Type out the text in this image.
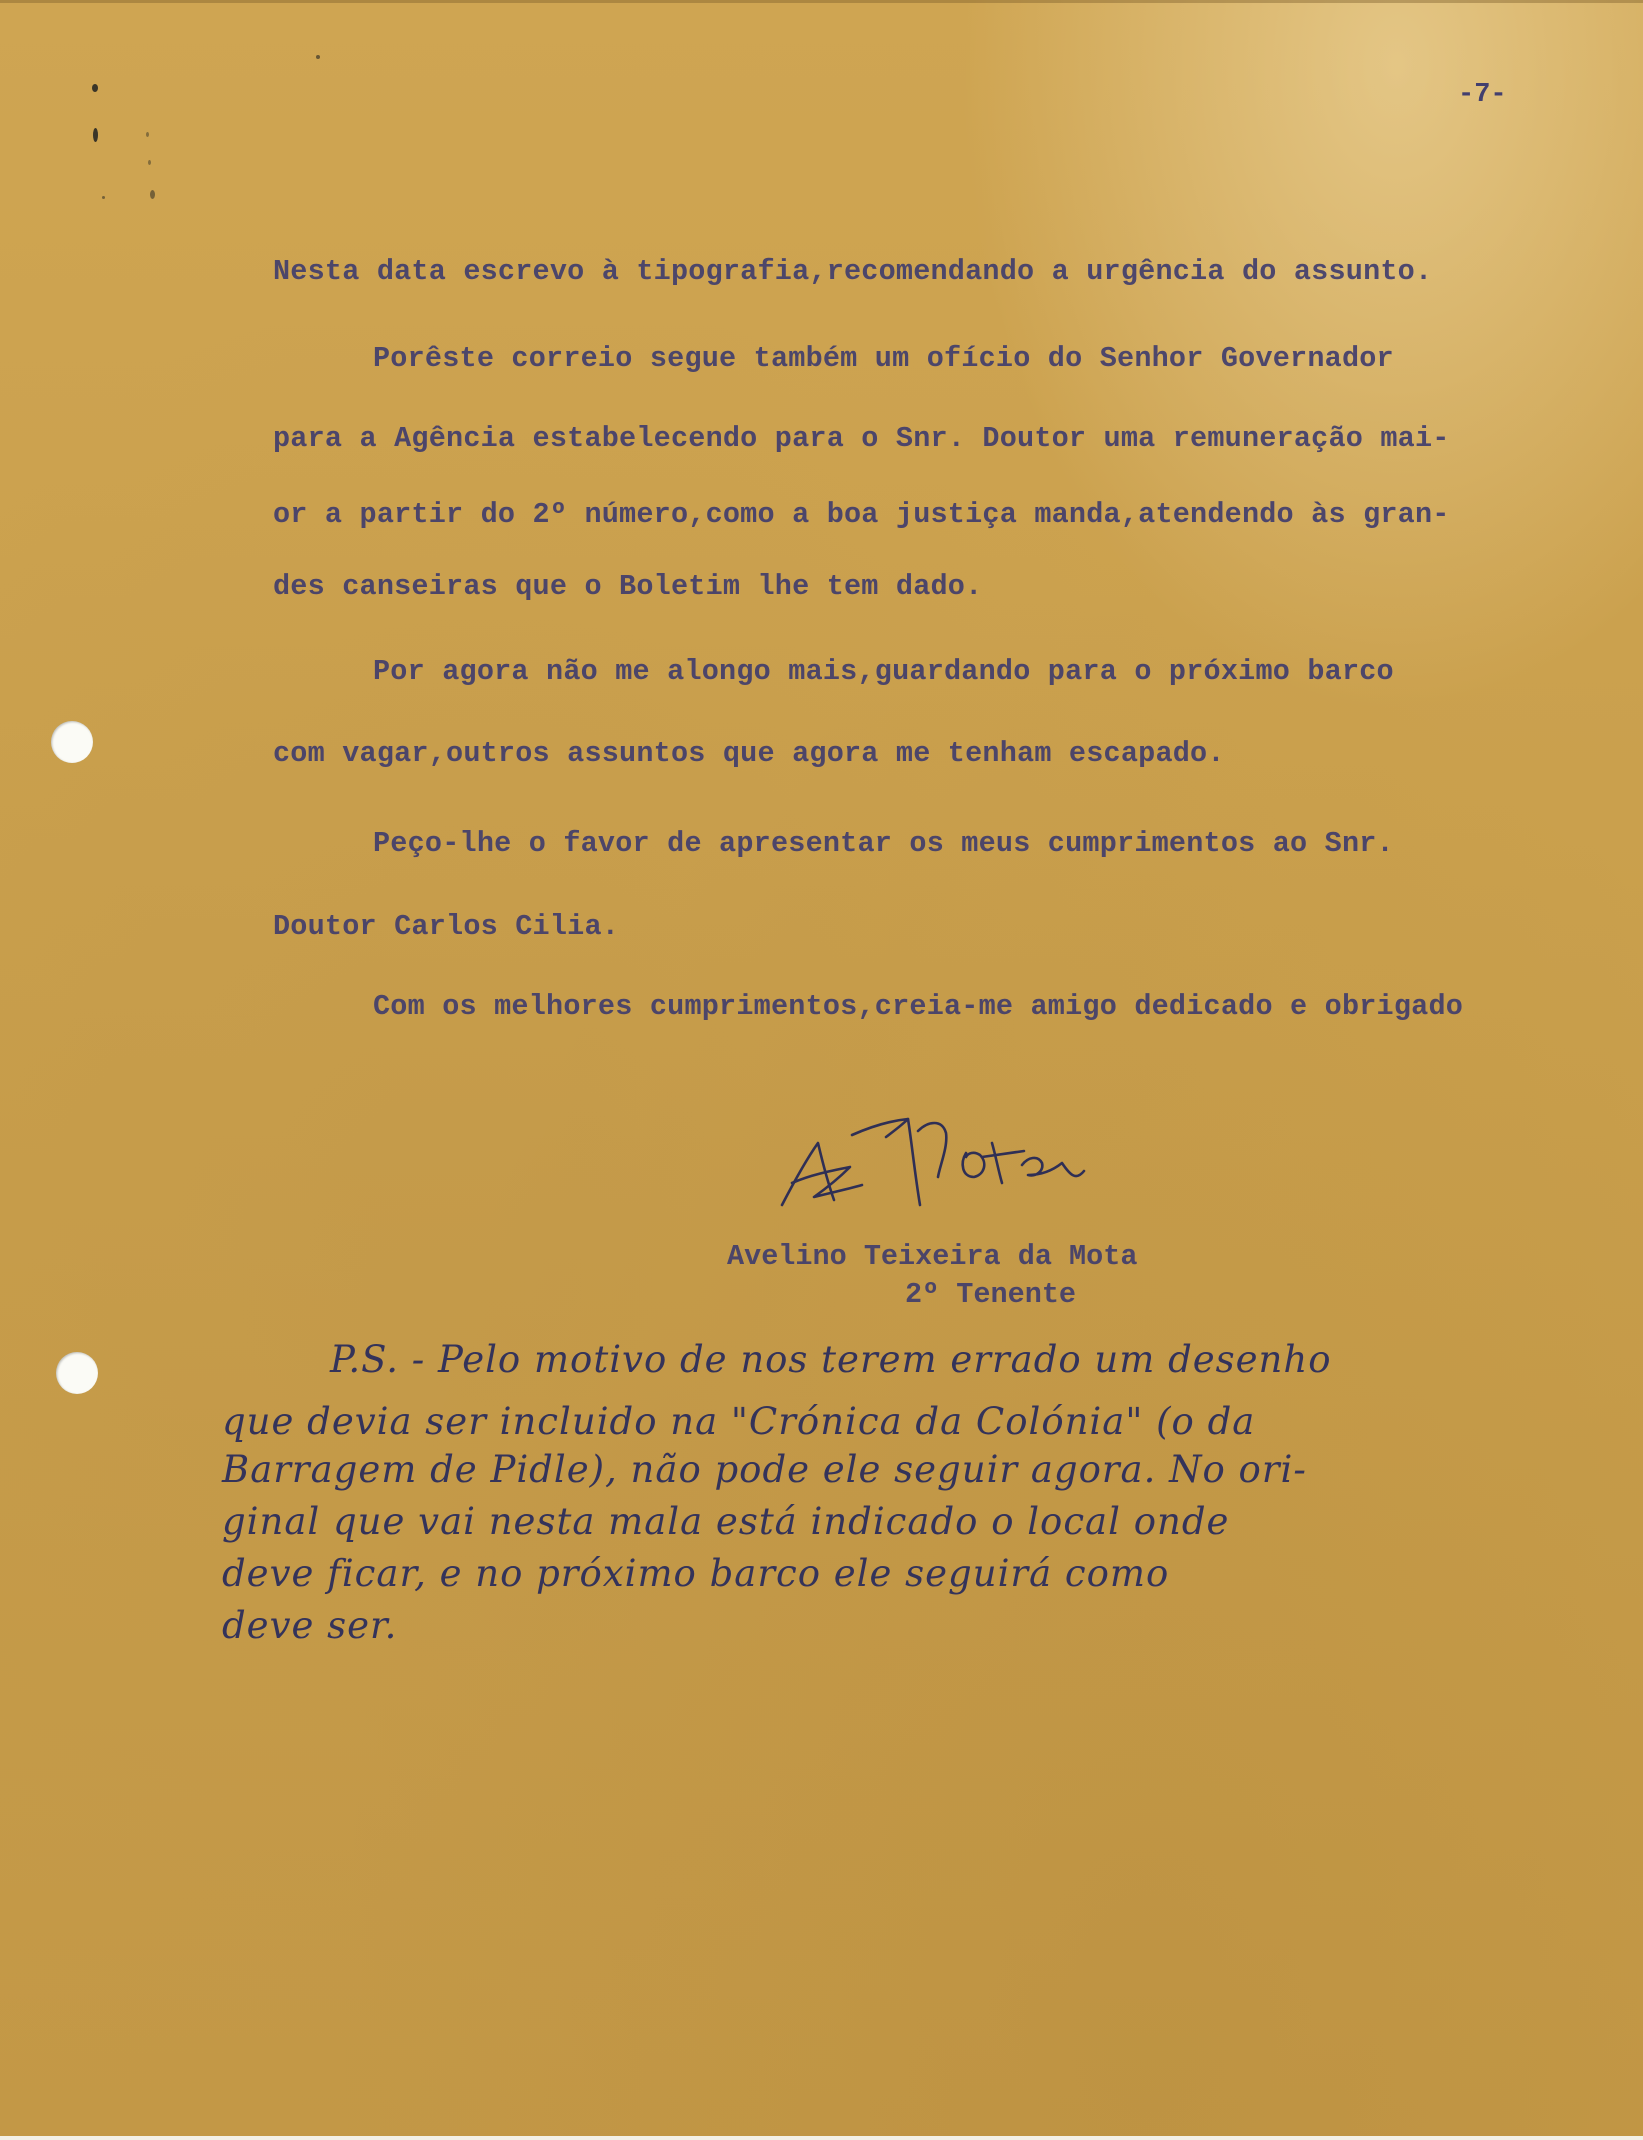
-7-
Nesta data escrevo à tipografia,recomendando a urgência do assunto.
Porêste correio segue também um ofício do Senhor Governador
para a Agência estabelecendo para o Snr. Doutor uma remuneração mai-
or a partir do 2º número,como a boa justiça manda,atendendo às gran-
des canseiras que o Boletim lhe tem dado.
Por agora não me alongo mais,guardando para o próximo barco
com vagar,outros assuntos que agora me tenham escapado.
Peço-lhe o favor de apresentar os meus cumprimentos ao Snr.
Doutor Carlos Cilia.
Com os melhores cumprimentos,creia-me amigo dedicado e obrigado
Avelino Teixeira da Mota
2º Tenente
P.S. - Pelo motivo de nos terem errado um desenho
que devia ser incluido na "Crónica da Colónia" (o da
Barragem de Pidle), não pode ele seguir agora. No ori-
ginal que vai nesta mala está indicado o local onde
deve ficar, e no próximo barco ele seguirá como
deve ser.
